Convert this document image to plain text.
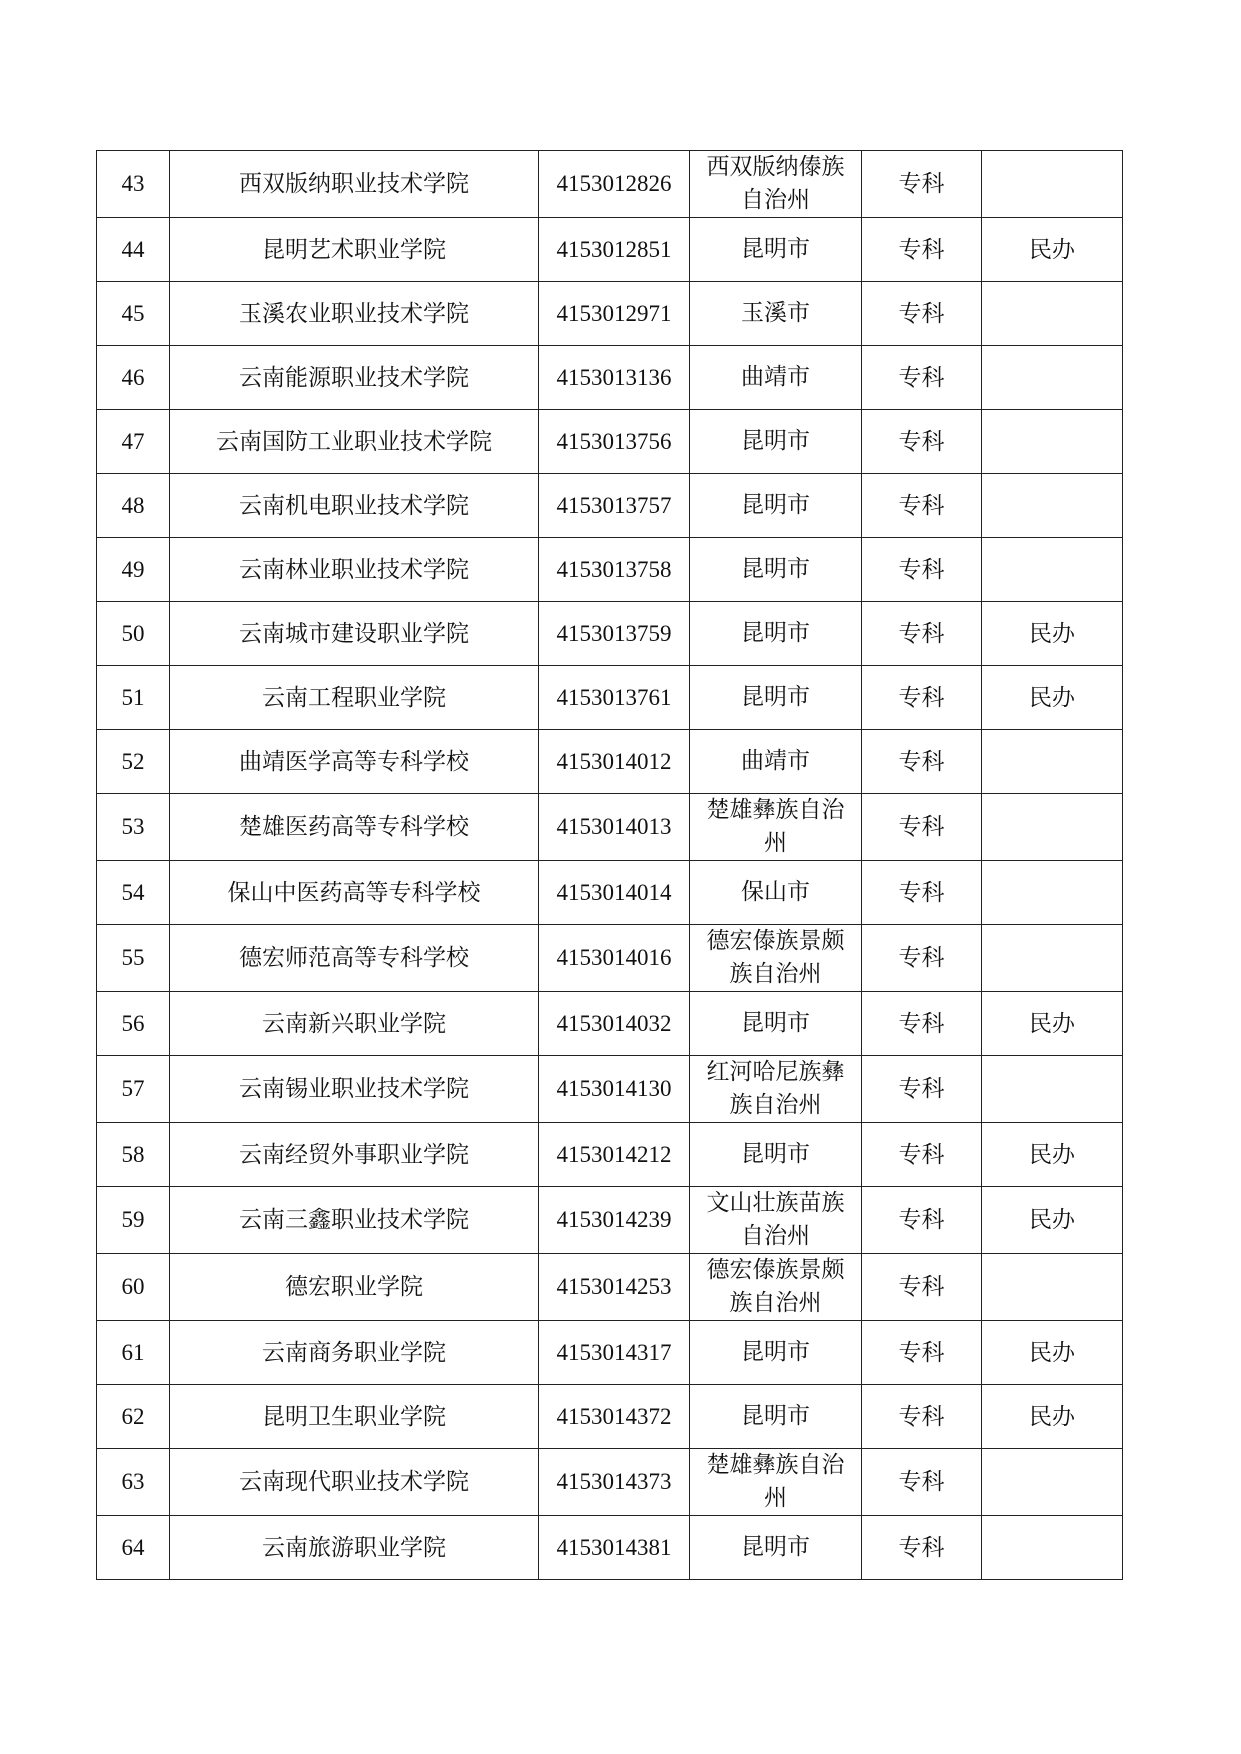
43	西双版纳职业技术学院	4153012826	西双版纳傣族自治州	专科	
44	昆明艺术职业学院	4153012851	昆明市	专科	民办
45	玉溪农业职业技术学院	4153012971	玉溪市	专科	
46	云南能源职业技术学院	4153013136	曲靖市	专科	
47	云南国防工业职业技术学院	4153013756	昆明市	专科	
48	云南机电职业技术学院	4153013757	昆明市	专科	
49	云南林业职业技术学院	4153013758	昆明市	专科	
50	云南城市建设职业学院	4153013759	昆明市	专科	民办
51	云南工程职业学院	4153013761	昆明市	专科	民办
52	曲靖医学高等专科学校	4153014012	曲靖市	专科	
53	楚雄医药高等专科学校	4153014013	楚雄彝族自治州	专科	
54	保山中医药高等专科学校	4153014014	保山市	专科	
55	德宏师范高等专科学校	4153014016	德宏傣族景颇族自治州	专科	
56	云南新兴职业学院	4153014032	昆明市	专科	民办
57	云南锡业职业技术学院	4153014130	红河哈尼族彝族自治州	专科	
58	云南经贸外事职业学院	4153014212	昆明市	专科	民办
59	云南三鑫职业技术学院	4153014239	文山壮族苗族自治州	专科	民办
60	德宏职业学院	4153014253	德宏傣族景颇族自治州	专科	
61	云南商务职业学院	4153014317	昆明市	专科	民办
62	昆明卫生职业学院	4153014372	昆明市	专科	民办
63	云南现代职业技术学院	4153014373	楚雄彝族自治州	专科	
64	云南旅游职业学院	4153014381	昆明市	专科	
